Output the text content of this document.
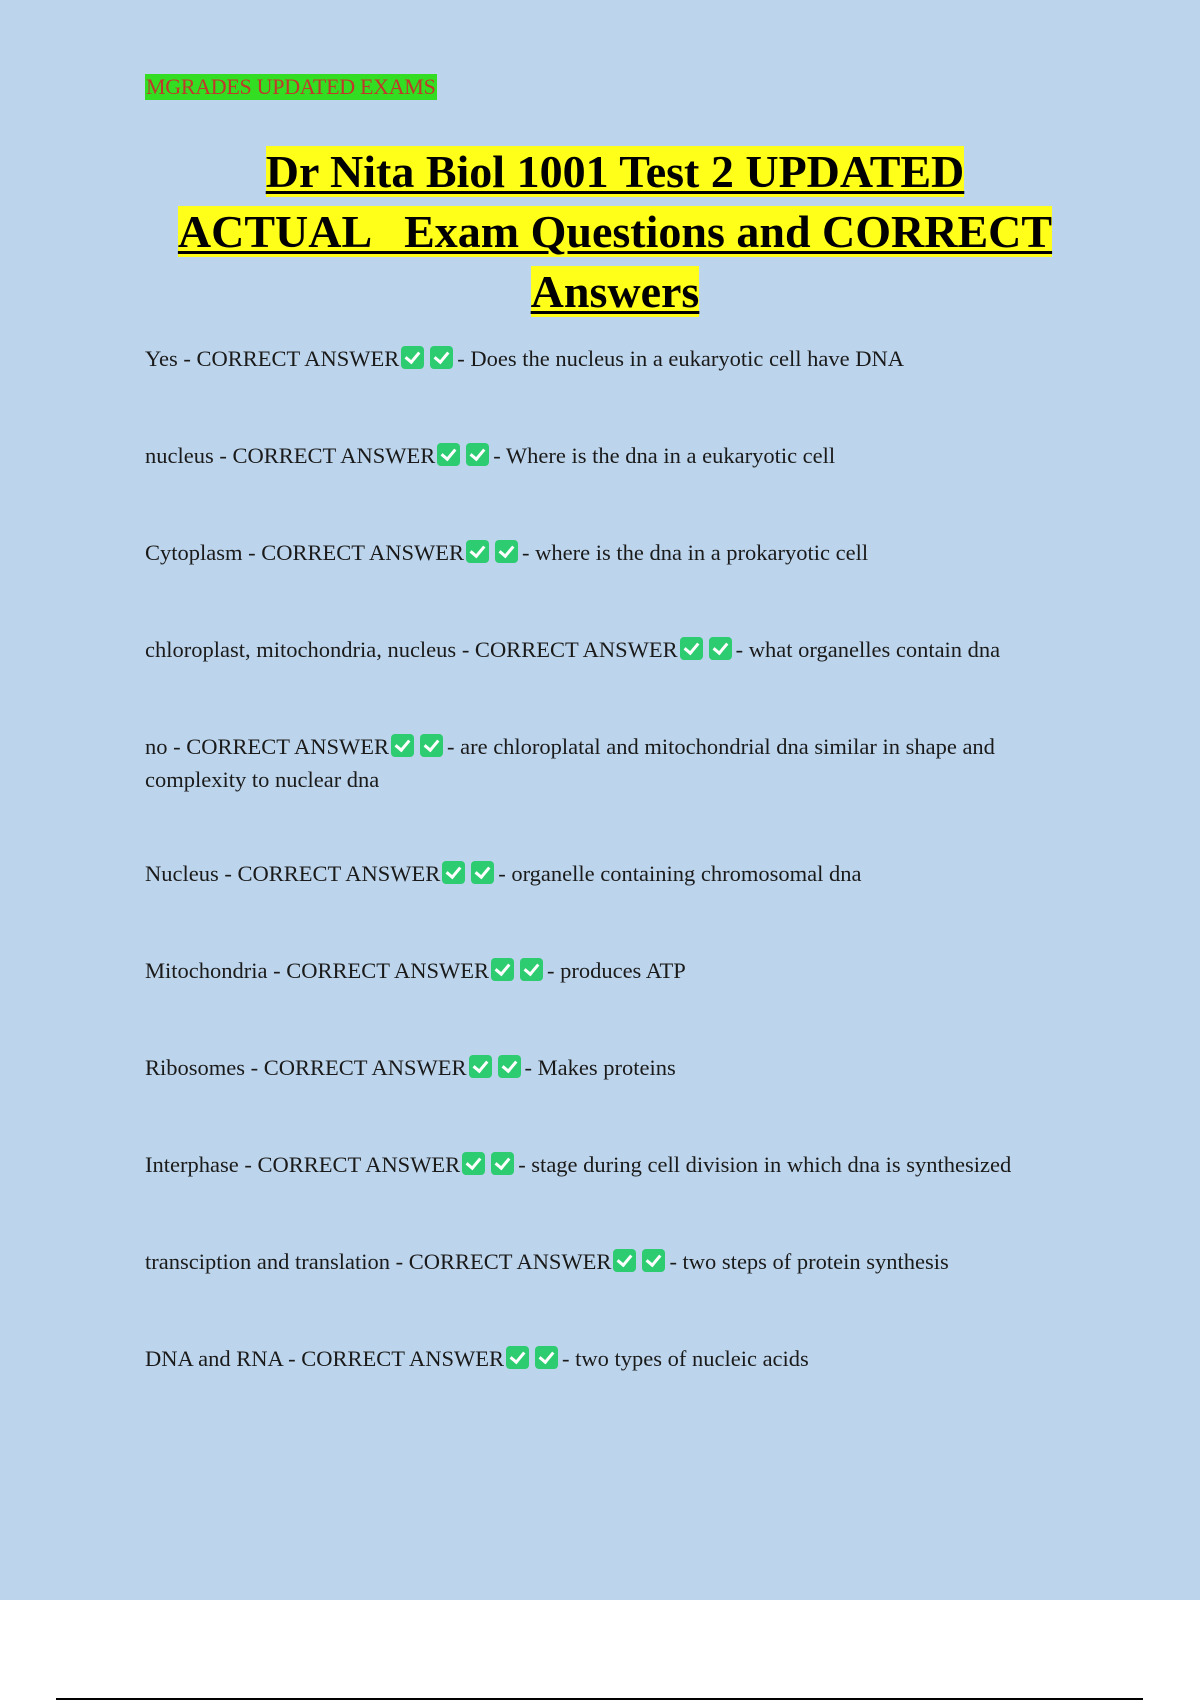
MGRADES UPDATED EXAMS
Dr Nita Biol 1001 Test 2 UPDATED
ACTUAL   Exam Questions and CORRECT
Answers
Yes - CORRECT ANSWER	- Does the nucleus in a eukaryotic cell have DNA
nucleus - CORRECT ANSWER	- Where is the dna in a eukaryotic cell
Cytoplasm - CORRECT ANSWER	- where is the dna in a prokaryotic cell
chloroplast, mitochondria, nucleus - CORRECT ANSWER	- what organelles contain dna
no - CORRECT ANSWER	- are chloroplatal and mitochondrial dna similar in shape and complexity to nuclear dna
Nucleus - CORRECT ANSWER	- organelle containing chromosomal dna
Mitochondria - CORRECT ANSWER	- produces ATP
Ribosomes - CORRECT ANSWER	- Makes proteins
Interphase - CORRECT ANSWER	- stage during cell division in which dna is synthesized
transciption and translation - CORRECT ANSWER	- two steps of protein synthesis
DNA and RNA - CORRECT ANSWER	- two types of nucleic acids
